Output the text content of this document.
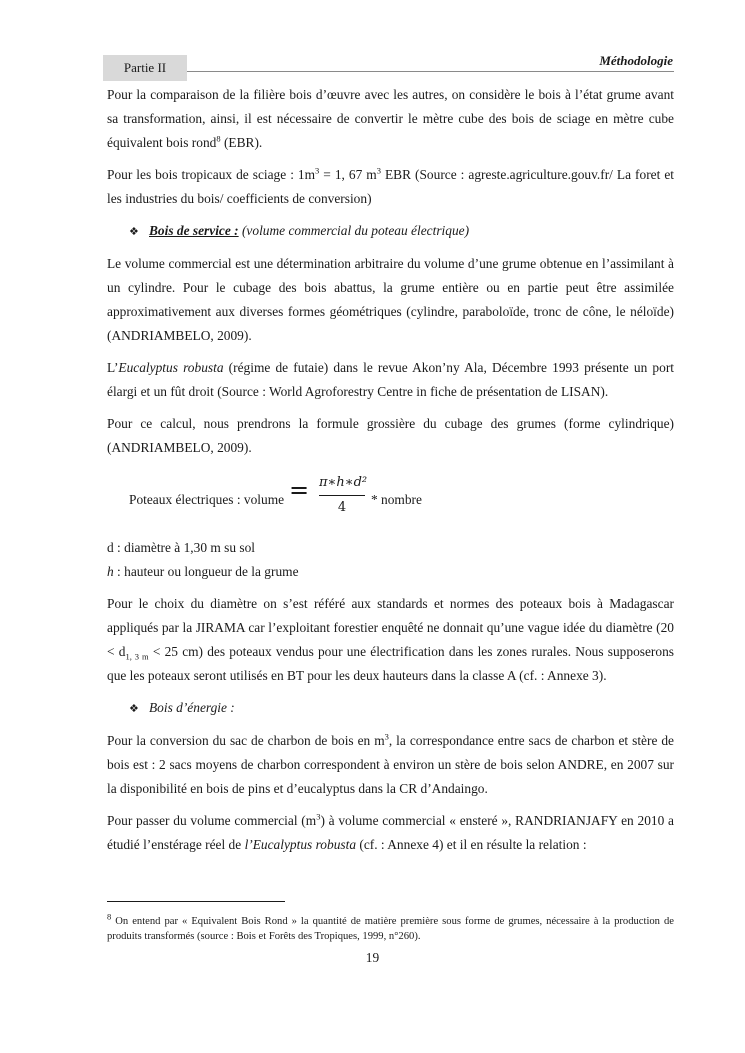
Partie II	Méthodologie

Pour la comparaison de la filière bois d’œuvre avec les autres, on considère le bois à l’état grume avant sa transformation, ainsi, il est nécessaire de convertir le mètre cube des bois de sciage en mètre cube équivalent bois rond$^8$ (EBR).

Pour les bois tropicaux de sciage : $1m^3 = 1$, 67 $m^3$ EBR (Source : agreste.agriculture.gouv.fr/ La foret et les industries du bois/ coefficients de conversion)

❖ Bois de service : (volume commercial du poteau électrique)

Le volume commercial est une détermination arbitraire du volume d’une grume obtenue en l’assimilant à un cylindre. Pour le cubage des bois abattus, la grume entière ou en partie peut être assimilée approximativement aux diverses formes géométriques (cylindre, paraboloïde, tronc de cône, le néloïde) (ANDRIAMBELO, 2009).

L’Eucalyptus robusta (régime de futaie) dans le revue Akon’ny Ala, Décembre 1993 présente un port élargi et un fût droit (Source : World Agroforestry Centre in fiche de présentation de LISAN).

Pour ce calcul, nous prendrons la formule grossière du cubage des grumes (forme cylindrique) (ANDRIAMBELO, 2009).

Poteaux électriques : volume = π∗h∗d²
4
* nombre

d : diamètre à 1,30 m su sol

h : hauteur ou longueur de la grume

Pour le choix du diamètre on s’est référé aux standards et normes des poteaux bois à Madagascar appliqués par la JIRAMA car l’exploitant forestier enquêté ne donnait qu’une vague idée du diamètre ($20 < d_{1, 3 m} < 25$ cm) des poteaux vendus pour une électrification dans les zones rurales. Nous supposerons que les poteaux seront utilisés en BT pour les deux hauteurs dans la classe A (cf. : Annexe 3).

❖ Bois d’énergie :

Pour la conversion du sac de charbon de bois en $m^3$, la correspondance entre sacs de charbon et stère de bois est : 2 sacs moyens de charbon correspondent à environ un stère de bois selon ANDRE, en 2007 sur la disponibilité en bois de pins et d’eucalyptus dans la CR d’Andaingo.

Pour passer du volume commercial $(m^3)$ à volume commercial « ensteré », RANDRIANJAFY en 2010 a étudié l’enstérage réel de l’Eucalyptus robusta (cf. : Annexe 4) et il en résulte la relation :

$^8$ On entend par « Equivalent Bois Rond » la quantité de matière première sous forme de grumes, nécessaire à la production de produits transformés (source : Bois et Forêts des Tropiques, 1999, n°260).
19
